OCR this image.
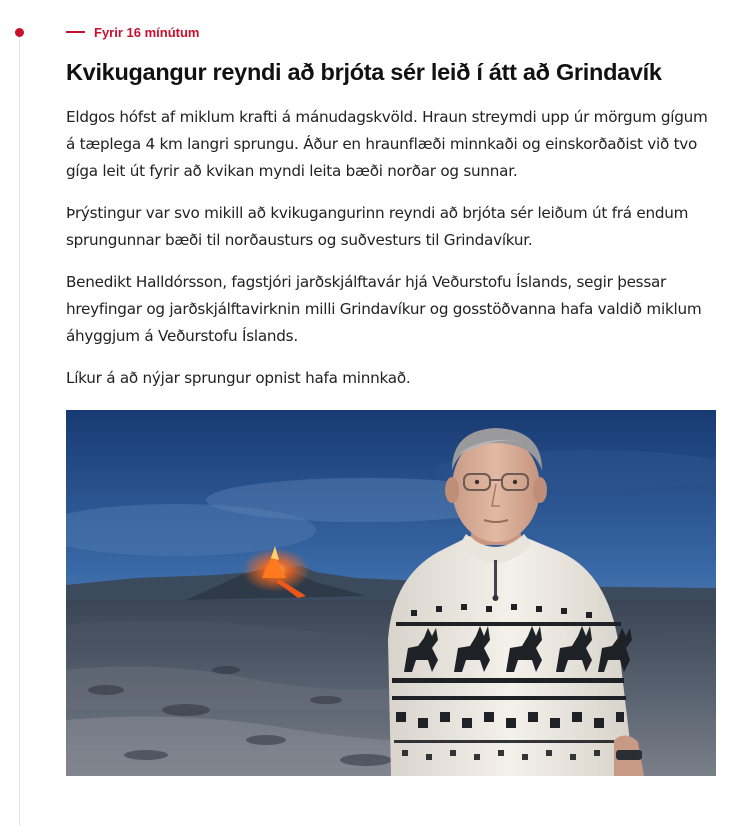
Fyrir 16 mínútum
Kvikugangur reyndi að brjóta sér leið í átt að Grindavík

Eldgos hófst af miklum krafti á mánudagskvöld. Hraun streymdi upp úr mörgum gígum á tæplega 4 km langri sprungu. Áður en hraunflæði minnkaði og einskorðaðist við tvo gíga leit út fyrir að kvikan myndi leita bæði norðar og sunnar.

Þrýstingur var svo mikill að kvikugangurinn reyndi að brjóta sér leiðum út frá endum sprungunnar bæði til norðausturs og suðvesturs til Grindavíkur.

Benedikt Halldórsson, fagstjóri jarðskjálftavár hjá Veðurstofu Íslands, segir þessar hreyfingar og jarðskjálftavirknin milli Grindavíkur og gosstöðvanna hafa valdið miklum áhyggjum á Veðurstofu Íslands.

Líkur á að nýjar sprungur opnist hafa minnkað.
